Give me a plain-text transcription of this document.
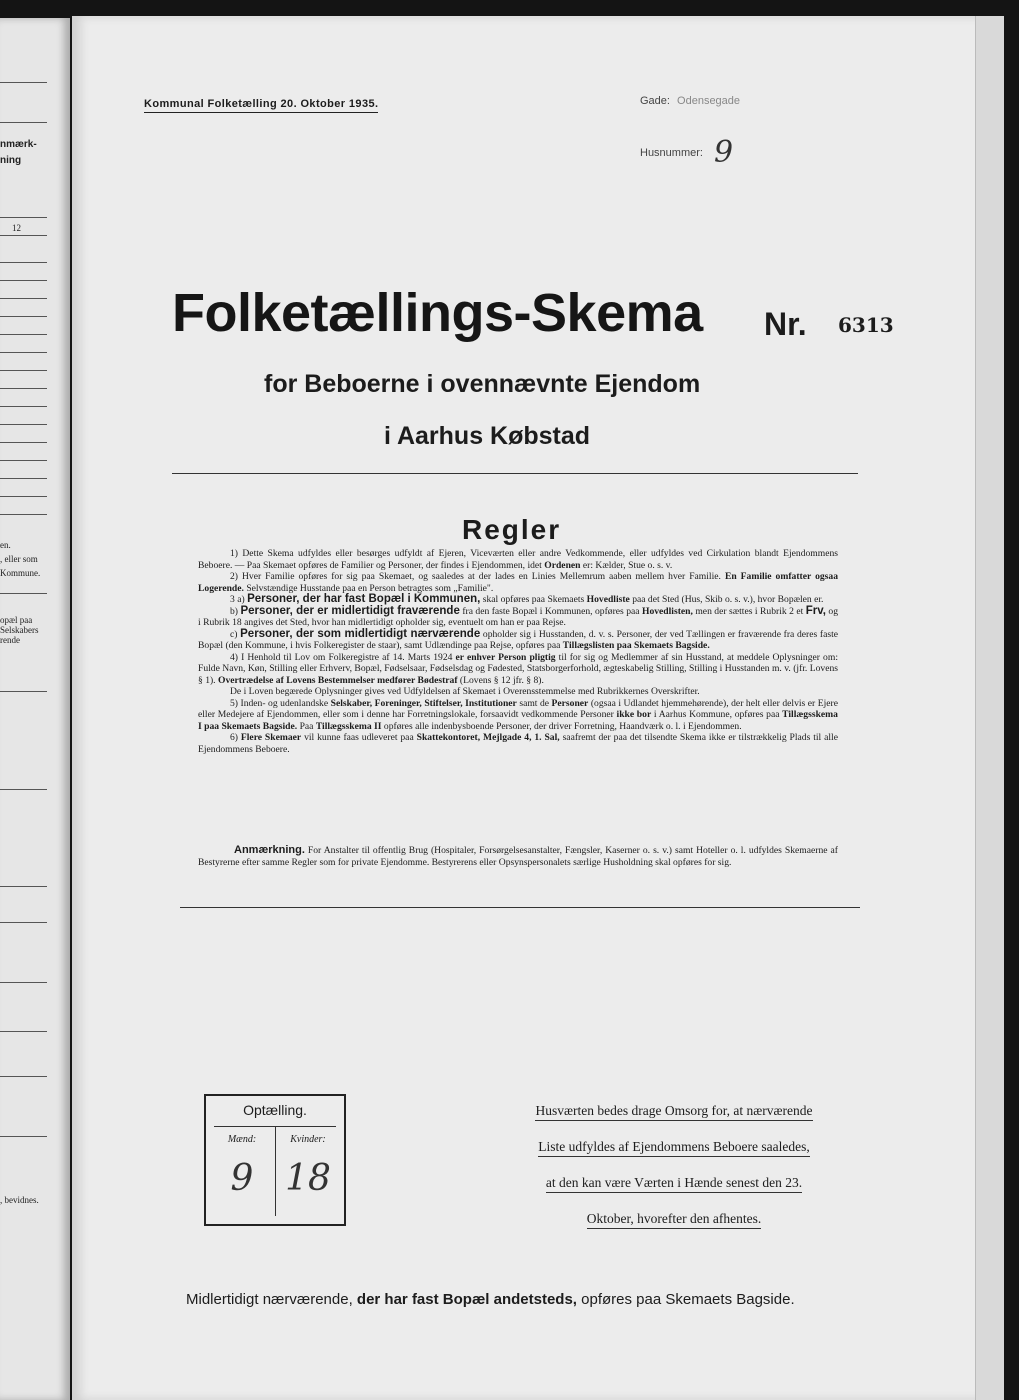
nmærk-
ning
12
en.
, eller som
Kommune.
opæl paa
Selskabers
rende
, bevidnes.
Kommunal Folketælling 20. Oktober 1935.	Gade: Odensegade
Husnummer: 9
Folketællings-Skema Nr. 6313
for Beboerne i ovennævnte Ejendom
i Aarhus Købstad
Regler

1) Dette Skema udfyldes eller besørges udfyldt af Ejeren, Viceværten eller andre Vedkommende, eller udfyldes ved Cirkulation blandt Ejendommens Beboere. — Paa Skemaet opføres de Familier og Personer, der findes i Ejendommen, idet Ordenen er: Kælder, Stue o. s. v.

2) Hver Familie opføres for sig paa Skemaet, og saaledes at der lades en Linies Mellemrum aaben mellem hver Familie. En Familie omfatter ogsaa Logerende. Selvstændige Husstande paa en Person betragtes som „Familie".

3 a) Personer, der har fast Bopæl i Kommunen, skal opføres paa Skemaets Hovedliste paa det Sted (Hus, Skib o. s. v.), hvor Bopælen er.

b) Personer, der er midlertidigt fraværende fra den faste Bopæl i Kommunen, opføres paa Hovedlisten, men der sættes i Rubrik 2 et Frv, og i Rubrik 18 angives det Sted, hvor han midlertidigt opholder sig, eventuelt om han er paa Rejse.

c) Personer, der som midlertidigt nærværende opholder sig i Husstanden, d. v. s. Personer, der ved Tællingen er fraværende fra deres faste Bopæl (den Kommune, i hvis Folkeregister de staar), samt Udlændinge paa Rejse, opføres paa Tillægslisten paa Skemaets Bagside.

4) I Henhold til Lov om Folkeregistre af 14. Marts 1924 er enhver Person pligtig til for sig og Medlemmer af sin Husstand, at meddele Oplysninger om: Fulde Navn, Køn, Stilling eller Erhverv, Bopæl, Fødselsaar, Fødselsdag og Fødested, Statsborgerforhold, ægteskabelig Stilling, Stilling i Husstanden m. v. (jfr. Lovens § 1). Overtrædelse af Lovens Bestemmelser medfører Bødestraf (Lovens § 12 jfr. § 8).

De i Loven begærede Oplysninger gives ved Udfyldelsen af Skemaet i Overensstemmelse med Rubrikkernes Overskrifter.

5) Inden- og udenlandske Selskaber, Foreninger, Stiftelser, Institutioner samt de Personer (ogsaa i Udlandet hjemmehørende), der helt eller delvis er Ejere eller Medejere af Ejendommen, eller som i denne har Forretningslokale, forsaavidt vedkommende Personer ikke bor i Aarhus Kommune, opføres paa Tillægsskema I paa Skemaets Bagside. Paa Tillægsskema II opføres alle indenbysboende Personer, der driver Forretning, Haandværk o. l. i Ejendommen.

6) Flere Skemaer vil kunne faas udleveret paa Skattekontoret, Mejlgade 4, 1. Sal, saafremt der paa det tilsendte Skema ikke er tilstrækkelig Plads til alle Ejendommens Beboere.

Anmærkning. For Anstalter til offentlig Brug (Hospitaler, Forsørgelsesanstalter, Fængsler, Kaserner o. s. v.) samt Hoteller o. l. udfyldes Skemaerne af Bestyrerne efter samme Regler som for private Ejendomme. Bestyrerens eller Opsynspersonalets særlige Husholdning skal opføres for sig.

Optælling.
Mænd:	Kvinder:
9 18
Husværten bedes drage Omsorg for, at nærværende
Liste udfyldes af Ejendommens Beboere saaledes,
at den kan være Værten i Hænde senest den 23.
Oktober, hvorefter den afhentes.
Midlertidigt nærværende, der har fast Bopæl andetsteds, opføres paa Skemaets Bagside.
